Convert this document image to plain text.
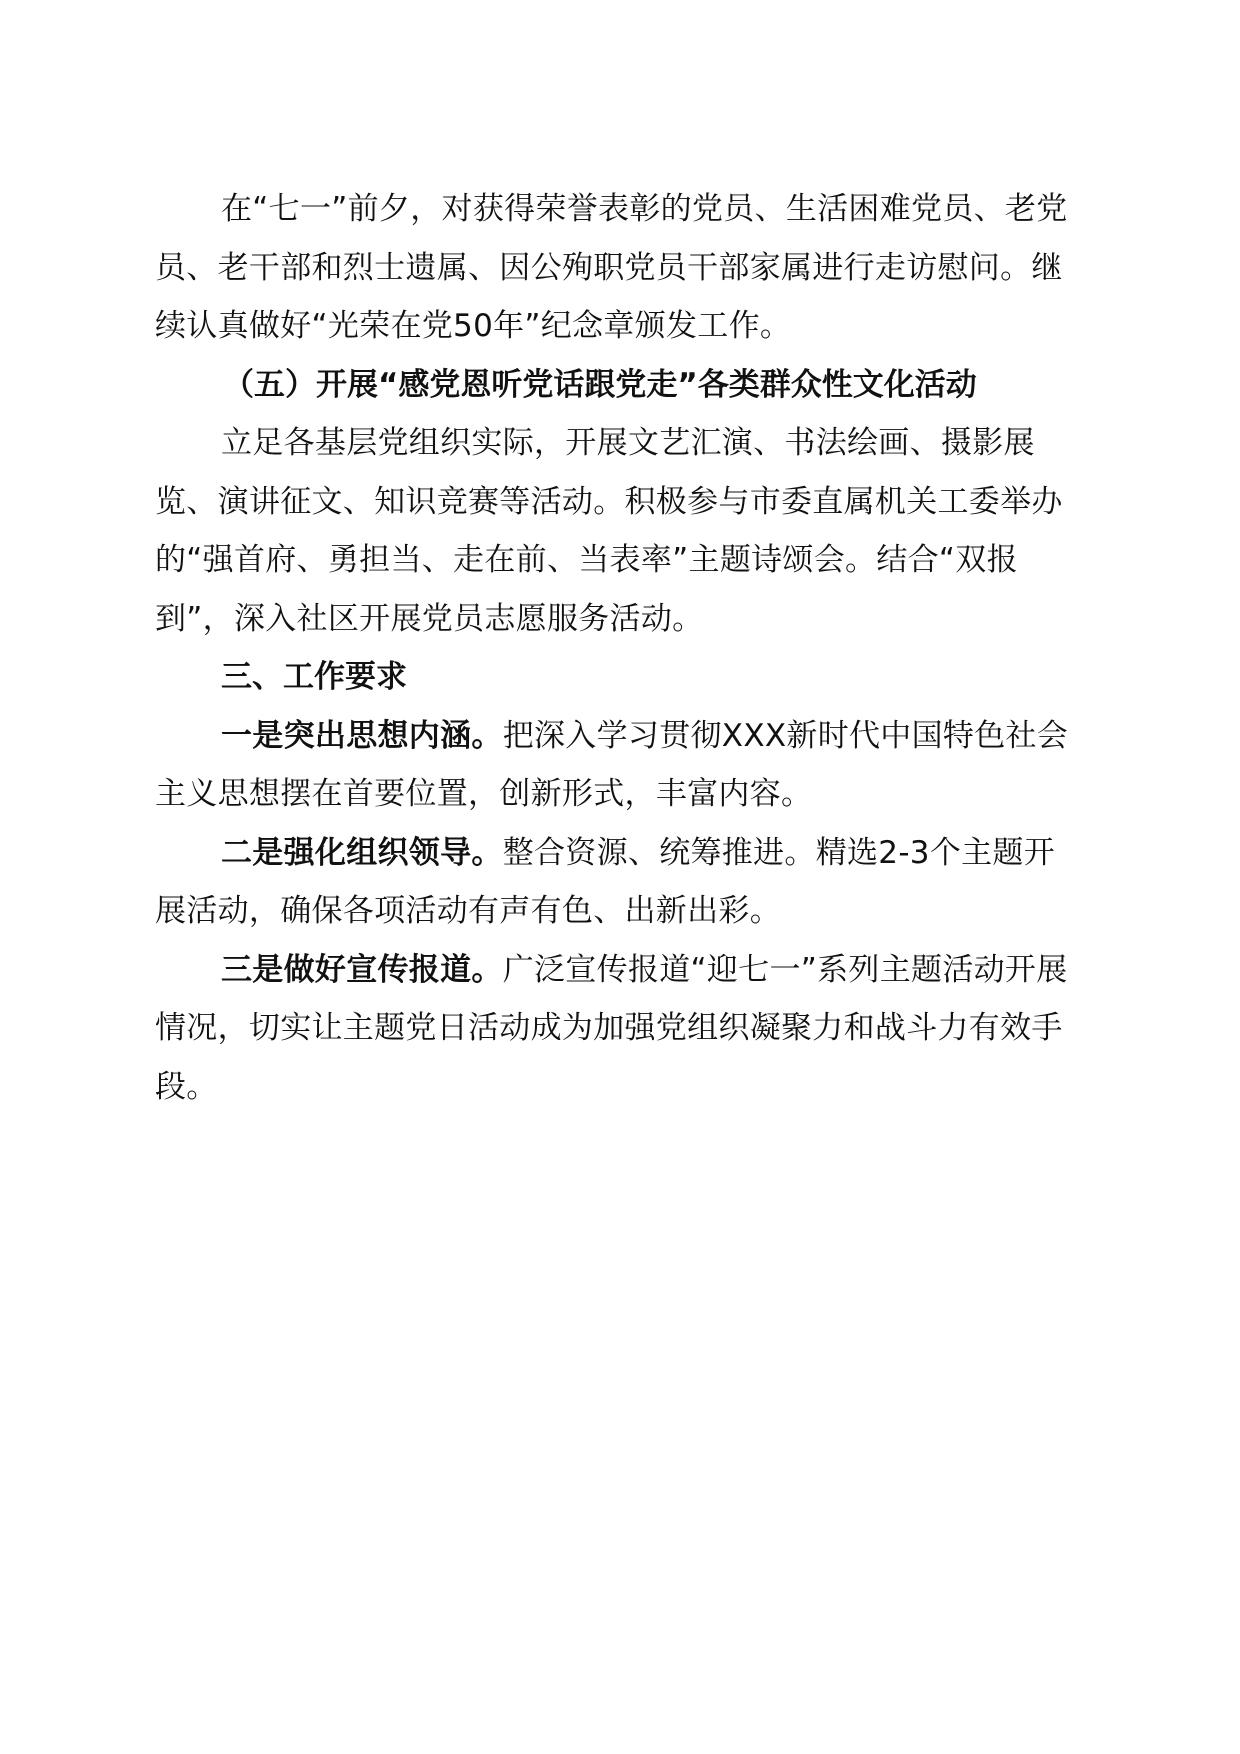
在“七一”前夕，对获得荣誉表彰的党员、生活困难党员、老党员、老干部和烈士遗属、因公殉职党员干部家属进行走访慰问。继续认真做好“光荣在党50年”纪念章颁发工作。

（五）开展“感党恩听党话跟党走”各类群众性文化活动

立足各基层党组织实际，开展文艺汇演、书法绘画、摄影展览、演讲征文、知识竞赛等活动。积极参与市委直属机关工委举办的“强首府、勇担当、走在前、当表率”主题诗颂会。结合“双报到”，深入社区开展党员志愿服务活动。

三、工作要求

一是突出思想内涵。把深入学习贯彻XXX新时代中国特色社会主义思想摆在首要位置，创新形式，丰富内容。

二是强化组织领导。整合资源、统筹推进。精选2-3个主题开展活动，确保各项活动有声有色、出新出彩。

三是做好宣传报道。广泛宣传报道“迎七一”系列主题活动开展情况，切实让主题党日活动成为加强党组织凝聚力和战斗力有效手段。
